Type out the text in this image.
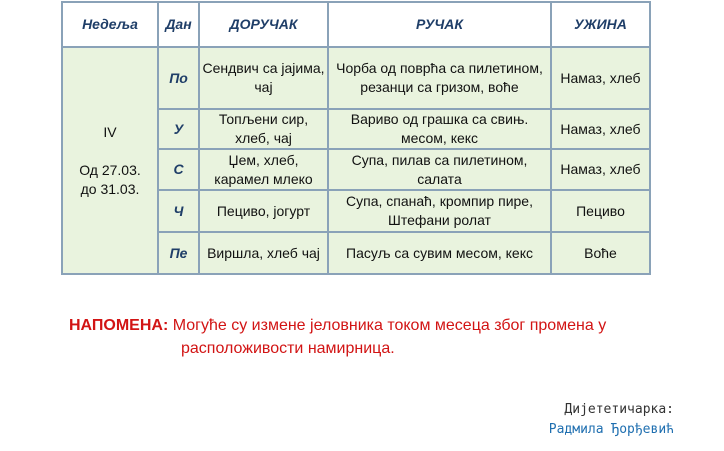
Недеља	Дан	ДОРУЧАК	РУЧАК	УЖИНА

IV
Од 27.03.
до 31.03.	По	Сендвич са јајима, чај	Чорба од поврћа са пилетином, резанци са гризом, воће	Намаз, хлеб
	У	Топљени сир, хлеб, чај	Вариво од грашка са свињ. месом, кекс	Намаз, хлеб
	С	Џем, хлеб, карамел млеко	Супа, пилав са пилетином, салата	Намаз, хлеб
	Ч	Пециво, јогурт	Супа, спанаћ, кромпир пире, Штефани ролат	Пециво
	Пе	Виршла, хлеб чај	Пасуљ са сувим месом, кекс	Воће
НАПОМЕНА: Могуће су измене јеловника током месеца због промена у
расположивости намирница.
Дијететичарка:
Радмила Ђорђевић
